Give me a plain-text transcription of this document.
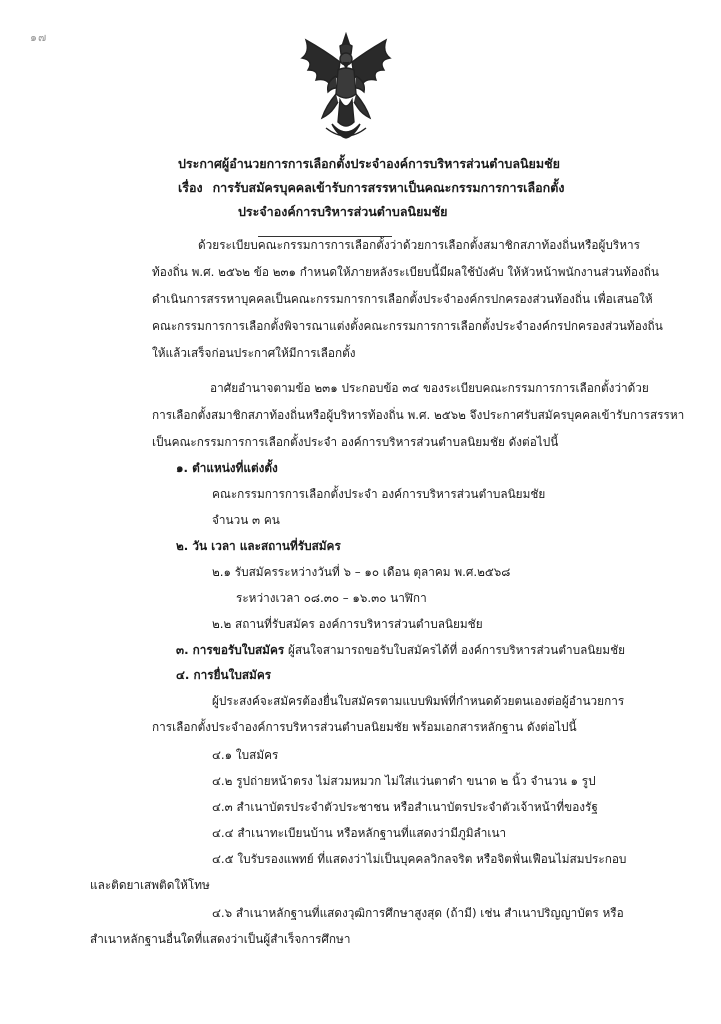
๑๗
ประกาศผู้อำนวยการการเลือกตั้งประจำองค์การบริหารส่วนตำบลนิยมชัย
เรื่อง การรับสมัครบุคคลเข้ารับการสรรหาเป็นคณะกรรมการการเลือกตั้ง
ประจำองค์การบริหารส่วนตำบลนิยมชัย
ด้วยระเบียบคณะกรรมการการเลือกตั้งว่าด้วยการเลือกตั้งสมาชิกสภาท้องถิ่นหรือผู้บริหาร
ท้องถิ่น พ.ศ. ๒๕๖๒ ข้อ ๒๓๑ กำหนดให้ภายหลังระเบียบนี้มีผลใช้บังคับ ให้หัวหน้าพนักงานส่วนท้องถิ่น
ดำเนินการสรรหาบุคคลเป็นคณะกรรมการการเลือกตั้งประจำองค์กรปกครองส่วนท้องถิ่น เพื่อเสนอให้
คณะกรรมการการเลือกตั้งพิจารณาแต่งตั้งคณะกรรมการการเลือกตั้งประจำองค์กรปกครองส่วนท้องถิ่น
ให้แล้วเสร็จก่อนประกาศให้มีการเลือกตั้ง
อาศัยอำนาจตามข้อ ๒๓๑ ประกอบข้อ ๓๔ ของระเบียบคณะกรรมการการเลือกตั้งว่าด้วย
การเลือกตั้งสมาชิกสภาท้องถิ่นหรือผู้บริหารท้องถิ่น พ.ศ. ๒๕๖๒ จึงประกาศรับสมัครบุคคลเข้ารับการสรรหา
เป็นคณะกรรมการการเลือกตั้งประจำ องค์การบริหารส่วนตำบลนิยมชัย ดังต่อไปนี้
๑. ตำแหน่งที่แต่งตั้ง
คณะกรรมการการเลือกตั้งประจำ องค์การบริหารส่วนตำบลนิยมชัย
จำนวน ๓ คน
๒. วัน เวลา และสถานที่รับสมัคร
๒.๑ รับสมัครระหว่างวันที่ ๖ – ๑๐ เดือน ตุลาคม พ.ศ.๒๕๖๘
ระหว่างเวลา ๐๘.๓๐ – ๑๖.๓๐ นาฬิกา
๒.๒ สถานที่รับสมัคร องค์การบริหารส่วนตำบลนิยมชัย
๓. การขอรับใบสมัคร ผู้สนใจสามารถขอรับใบสมัครได้ที่ องค์การบริหารส่วนตำบลนิยมชัย
๔. การยื่นใบสมัคร
ผู้ประสงค์จะสมัครต้องยื่นใบสมัครตามแบบพิมพ์ที่กำหนดด้วยตนเองต่อผู้อำนวยการ
การเลือกตั้งประจำองค์การบริหารส่วนตำบลนิยมชัย พร้อมเอกสารหลักฐาน ดังต่อไปนี้
๔.๑ ใบสมัคร
๔.๒ รูปถ่ายหน้าตรง ไม่สวมหมวก ไม่ใส่แว่นตาดำ ขนาด ๒ นิ้ว จำนวน ๑ รูป
๔.๓ สำเนาบัตรประจำตัวประชาชน หรือสำเนาบัตรประจำตัวเจ้าหน้าที่ของรัฐ
๔.๔ สำเนาทะเบียนบ้าน หรือหลักฐานที่แสดงว่ามีภูมิลำเนา
๔.๕ ใบรับรองแพทย์ ที่แสดงว่าไม่เป็นบุคคลวิกลจริต หรือจิตฟั่นเฟือนไม่สมประกอบ
และติดยาเสพติดให้โทษ
๔.๖ สำเนาหลักฐานที่แสดงวุฒิการศึกษาสูงสุด (ถ้ามี) เช่น สำเนาปริญญาบัตร หรือ
สำเนาหลักฐานอื่นใดที่แสดงว่าเป็นผู้สำเร็จการศึกษา
